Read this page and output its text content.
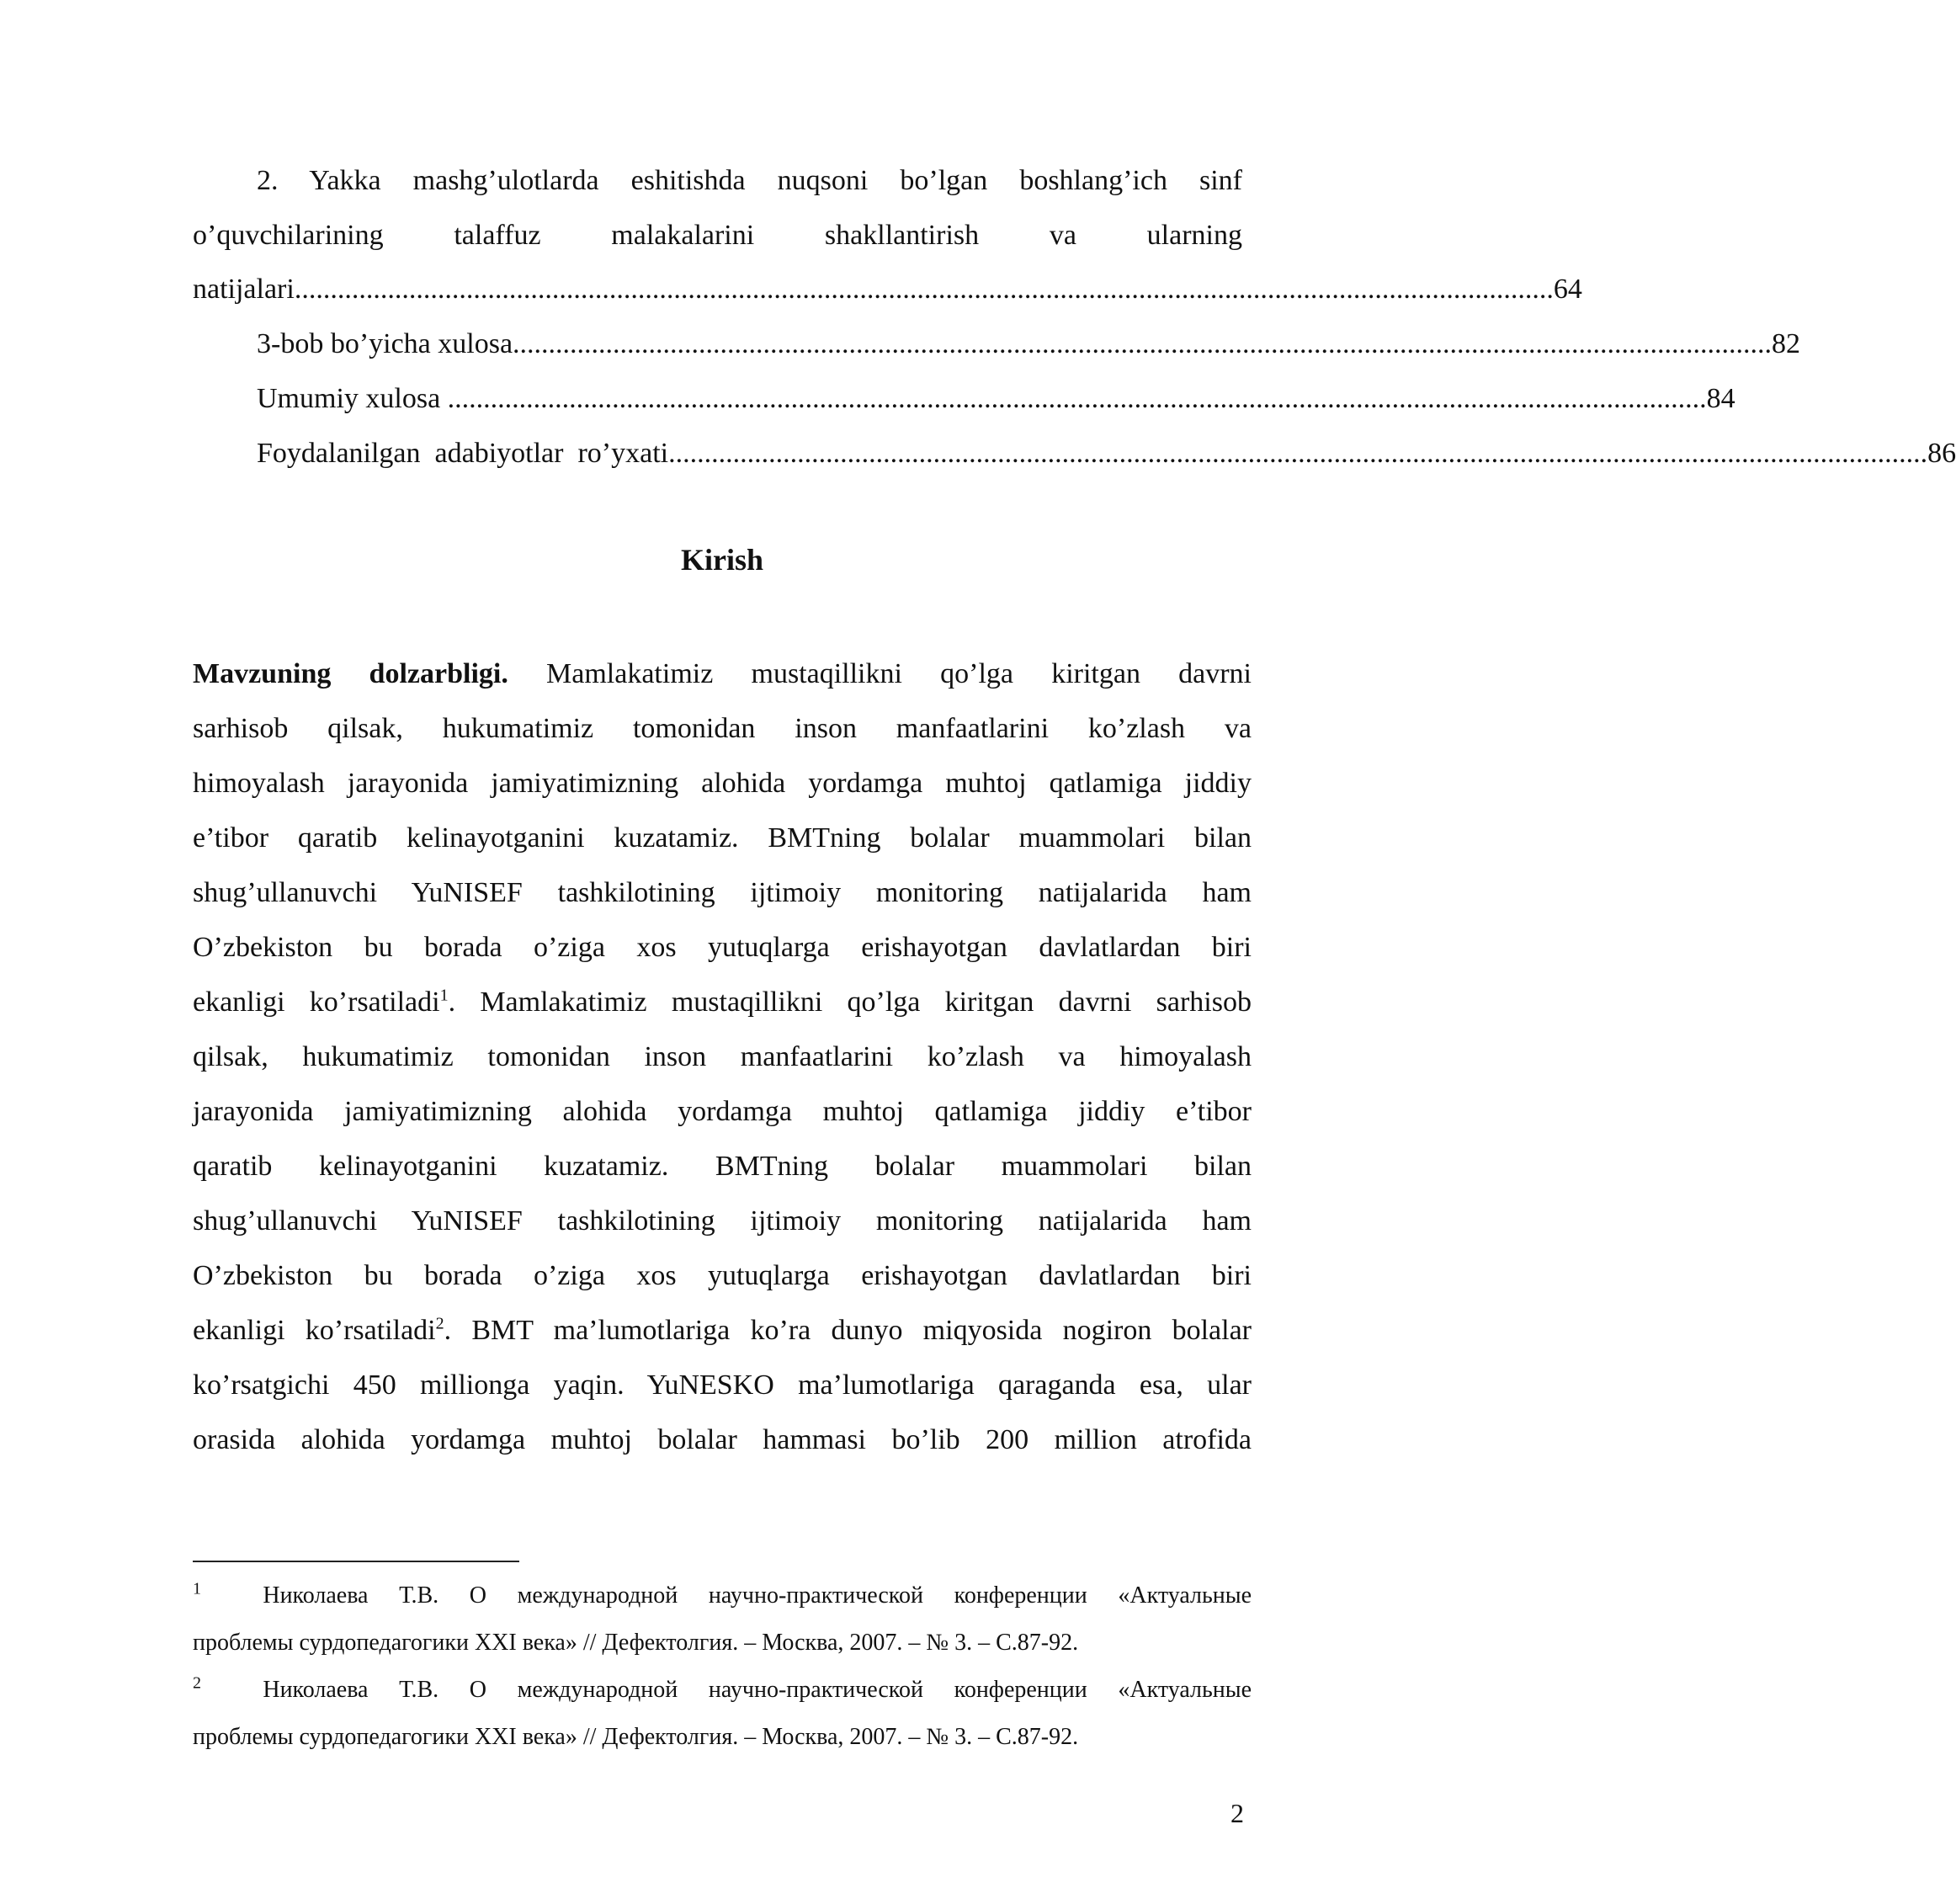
2. Yakka mashg’ulotlarda eshitishda nuqsoni bo’lgan boshlang’ich sinf
o’quvchilarining talaffuz malakalarini shakllantirish va ularning
natijalari ................................................................................................................................................................................ 64
3-bob bo’yicha xulosa ................................................................................................................................................................................ 82
Umumiy xulosa ................................................................................................................................................................................ 84
Foydalanilgan  adabiyotlar  ro’yxati ................................................................................................................................................................................ 86
Kirish
Mavzuning dolzarbligi. Mamlakatimiz mustaqillikni qo’lga kiritgan davrni
sarhisob qilsak, hukumatimiz tomonidan inson manfaatlarini ko’zlash va
himoyalash jarayonida jamiyatimizning alohida yordamga muhtoj qatlamiga jiddiy
e’tibor qaratib kelinayotganini kuzatamiz. BMTning bolalar muammolari bilan
shug’ullanuvchi YuNISEF tashkilotining ijtimoiy monitoring natijalarida ham
O’zbekiston bu borada o’ziga xos yutuqlarga erishayotgan davlatlardan biri
ekanligi ko’rsatiladi$^1$. Mamlakatimiz mustaqillikni qo’lga kiritgan davrni sarhisob
qilsak, hukumatimiz tomonidan inson manfaatlarini ko’zlash va himoyalash
jarayonida jamiyatimizning alohida yordamga muhtoj qatlamiga jiddiy e’tibor
qaratib kelinayotganini kuzatamiz. BMTning bolalar muammolari bilan
shug’ullanuvchi YuNISEF tashkilotining ijtimoiy monitoring natijalarida ham
O’zbekiston bu borada o’ziga xos yutuqlarga erishayotgan davlatlardan biri
ekanligi ko’rsatiladi$^2$. BMT ma’lumotlariga ko’ra dunyo miqyosida nogiron bolalar
ko’rsatgichi 450 millionga yaqin. YuNESKO ma’lumotlariga qaraganda esa, ular
orasida alohida yordamga muhtoj bolalar hammasi bo’lib 200 million atrofida
$^1$	Николаева Т.В. О международной научно-практической конференции «Актуальные
проблемы сурдопедагогики XXI века» // Дефектолгия. – Москва, 2007. – № 3. – С.87-92.
$^2$	Николаева Т.В. О международной научно-практической конференции «Актуальные
проблемы сурдопедагогики XXI века» // Дефектолгия. – Москва, 2007. – № 3. – С.87-92.
2
